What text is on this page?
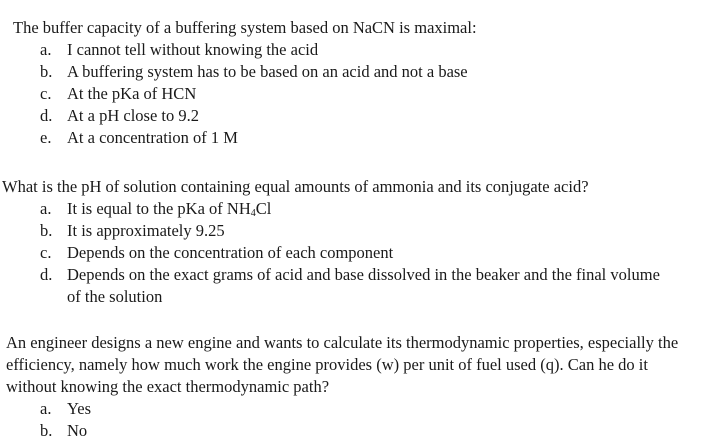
The buffer capacity of a buffering system based on NaCN is maximal:

a. I cannot tell without knowing the acid
b. A buffering system has to be based on an acid and not a base
c. At the pKa of HCN
d. At a pH close to 9.2
e. At a concentration of 1 M

What is the pH of solution containing equal amounts of ammonia and its conjugate acid?

a. It is equal to the pKa of $NH_4Cl$
b. It is approximately 9.25
c. Depends on the concentration of each component
d. Depends on the exact grams of acid and base dissolved in the beaker and the final volume of the solution

An engineer designs a new engine and wants to calculate its thermodynamic properties, especially the efficiency, namely how much work the engine provides (w) per unit of fuel used (q). Can he do it without knowing the exact thermodynamic path?

a. Yes
b. No
